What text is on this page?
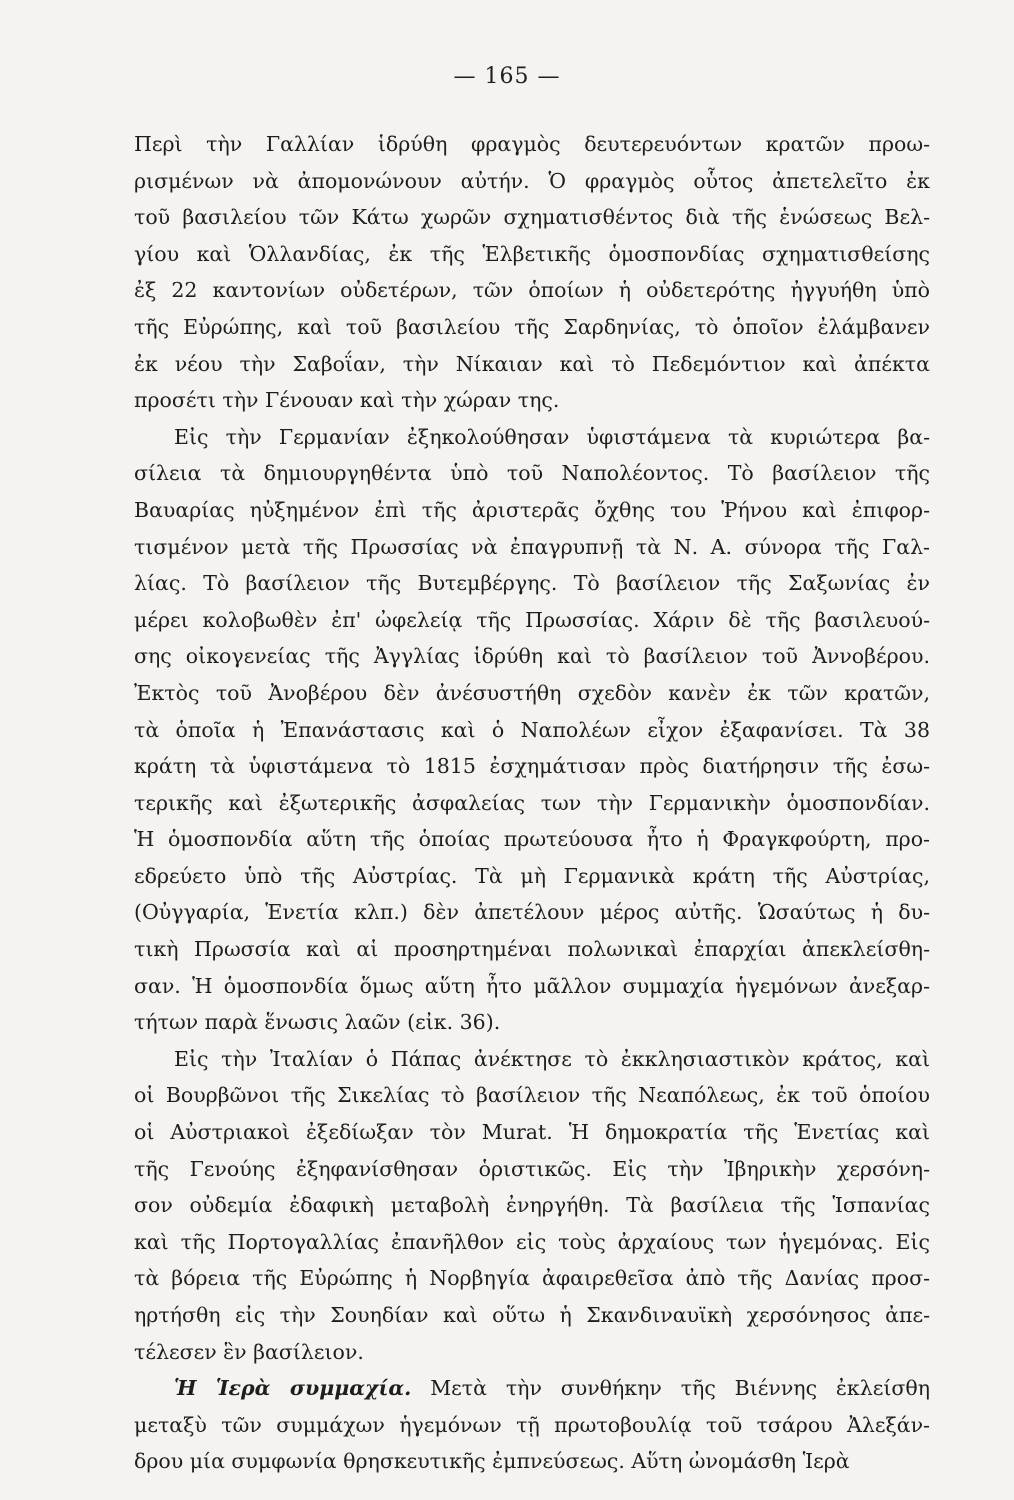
— 165 —
Περὶ τὴν Γαλλίαν ἱδρύθη φραγμὸς δευτερευόντων κρατῶν προω-
ρισμένων νὰ ἀπομονώνουν αὐτήν. Ὁ φραγμὸς οὗτος ἀπετελεῖτο ἐκ
τοῦ βασιλείου τῶν Κάτω χωρῶν σχηματισθέντος διὰ τῆς ἑνώσεως Βελ-
γίου καὶ Ὁλλανδίας, ἐκ τῆς Ἑλβετικῆς ὁμοσπονδίας σχηματισθείσης
ἐξ 22 καντονίων οὐδετέρων, τῶν ὁποίων ἡ οὐδετερότης ἠγγυήθη ὑπὸ
τῆς Εὐρώπης, καὶ τοῦ βασιλείου τῆς Σαρδηνίας, τὸ ὁποῖον ἐλάμβανεν
ἐκ νέου τὴν Σαβοΐαν, τὴν Νίκαιαν καὶ τὸ Πεδεμόντιον καὶ ἀπέκτα
προσέτι τὴν Γένουαν καὶ τὴν χώραν της.
Εἰς τὴν Γερμανίαν ἐξηκολούθησαν ὑφιστάμενα τὰ κυριώτερα βα-
σίλεια τὰ δημιουργηθέντα ὑπὸ τοῦ Ναπολέοντος. Τὸ βασίλειον τῆς
Βαυαρίας ηὐξημένον ἐπὶ τῆς ἀριστερᾶς ὄχθης του Ῥήνου καὶ ἐπιφορ-
τισμένον μετὰ τῆς Πρωσσίας νὰ ἐπαγρυπνῇ τὰ Ν. Α. σύνορα τῆς Γαλ-
λίας. Τὸ βασίλειον τῆς Βυτεμβέργης. Τὸ βασίλειον τῆς Σαξωνίας ἐν
μέρει κολοβωθὲν ἐπ' ὠφελείᾳ τῆς Πρωσσίας. Χάριν δὲ τῆς βασιλευού-
σης οἰκογενείας τῆς Ἀγγλίας ἱδρύθη καὶ τὸ βασίλειον τοῦ Ἀννοβέρου.
Ἐκτὸς τοῦ Ἀνοβέρου δὲν ἀνέσυστήθη σχεδὸν κανὲν ἐκ τῶν κρατῶν,
τὰ ὁποῖα ἡ Ἐπανάστασις καὶ ὁ Ναπολέων εἶχον ἐξαφανίσει. Τὰ 38
κράτη τὰ ὑφιστάμενα τὸ 1815 ἐσχημάτισαν πρὸς διατήρησιν τῆς ἐσω-
τερικῆς καὶ ἐξωτερικῆς ἀσφαλείας των τὴν Γερμανικὴν ὁμοσπονδίαν.
Ἡ ὁμοσπονδία αὕτη τῆς ὁποίας πρωτεύουσα ἦτο ἡ Φραγκφούρτη, προ-
εδρεύετο ὑπὸ τῆς Αὐστρίας. Τὰ μὴ Γερμανικὰ κράτη τῆς Αὐστρίας,
(Οὐγγαρία, Ἑνετία κλπ.) δὲν ἀπετέλουν μέρος αὐτῆς. Ὡσαύτως ἡ δυ-
τικὴ Πρωσσία καὶ αἱ προσηρτημέναι πολωνικαὶ ἐπαρχίαι ἀπεκλείσθη-
σαν. Ἡ ὁμοσπονδία ὅμως αὕτη ἦτο μᾶλλον συμμαχία ἡγεμόνων ἀνεξαρ-
τήτων παρὰ ἕνωσις λαῶν (εἰκ. 36).
Εἰς τὴν Ἰταλίαν ὁ Πάπας ἀνέκτησε τὸ ἐκκλησιαστικὸν κράτος, καὶ
οἱ Βουρβῶνοι τῆς Σικελίας τὸ βασίλειον τῆς Νεαπόλεως, ἐκ τοῦ ὁποίου
οἱ Αὐστριακοὶ ἐξεδίωξαν τὸν Murat. Ἡ δημοκρατία τῆς Ἑνετίας καὶ
τῆς Γενούης ἐξηφανίσθησαν ὁριστικῶς. Εἰς τὴν Ἰβηρικὴν χερσόνη-
σον οὐδεμία ἐδαφικὴ μεταβολὴ ἐνηργήθη. Τὰ βασίλεια τῆς Ἱσπανίας
καὶ τῆς Πορτογαλλίας ἐπανῆλθον εἰς τοὺς ἀρχαίους των ἡγεμόνας. Εἰς
τὰ βόρεια τῆς Εὐρώπης ἡ Νορβηγία ἀφαιρεθεῖσα ἀπὸ τῆς Δανίας προσ-
ηρτήσθη εἰς τὴν Σουηδίαν καὶ οὕτω ἡ Σκανδιναυϊκὴ χερσόνησος ἀπε-
τέλεσεν ἓν βασίλειον.
Ἡ Ἱερὰ συμμαχία. Μετὰ τὴν συνθήκην τῆς Βιέννης ἐκλείσθη
μεταξὺ τῶν συμμάχων ἡγεμόνων τῇ πρωτοβουλίᾳ τοῦ τσάρου Ἀλεξάν-
δρου μία συμφωνία θρησκευτικῆς ἐμπνεύσεως. Αὕτη ὠνομάσθη Ἱερὰ
